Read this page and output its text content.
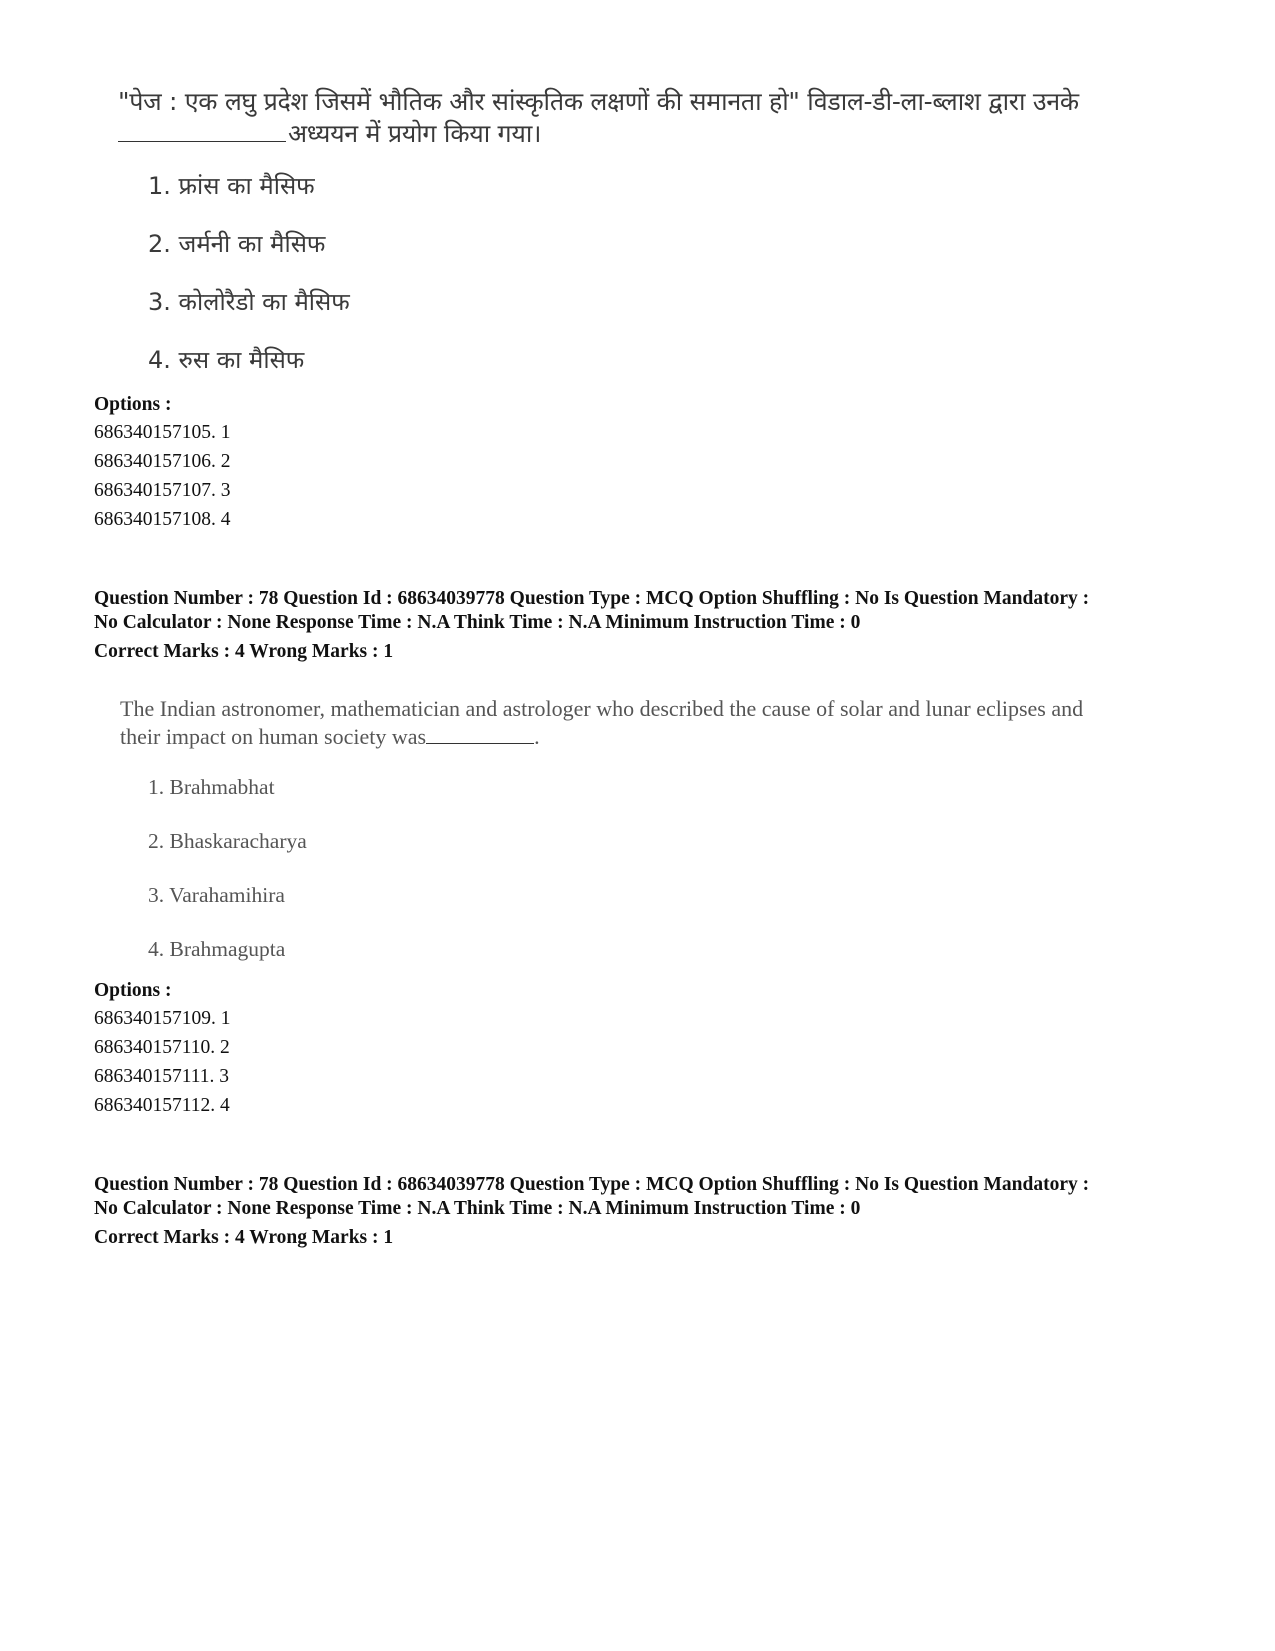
"पेज : एक लघु प्रदेश जिसमें भौतिक और सांस्कृतिक लक्षणों की समानता हो" विडाल-डी-ला-ब्लाश द्वारा उनके
अध्ययन में प्रयोग किया गया।
1. फ्रांस का मैसिफ
2. जर्मनी का मैसिफ
3. कोलोरैडो का मैसिफ
4. रुस का मैसिफ
Options :
686340157105. 1
686340157106. 2
686340157107. 3
686340157108. 4
Question Number : 78 Question Id : 68634039778 Question Type : MCQ Option Shuffling : No Is Question Mandatory :
No Calculator : None Response Time : N.A Think Time : N.A Minimum Instruction Time : 0
Correct Marks : 4 Wrong Marks : 1
The Indian astronomer, mathematician and astrologer who described the cause of solar and lunar eclipses and
their impact on human society was	.
1. Brahmabhat
2. Bhaskaracharya
3. Varahamihira
4. Brahmagupta
Options :
686340157109. 1
686340157110. 2
686340157111. 3
686340157112. 4
Question Number : 78 Question Id : 68634039778 Question Type : MCQ Option Shuffling : No Is Question Mandatory :
No Calculator : None Response Time : N.A Think Time : N.A Minimum Instruction Time : 0
Correct Marks : 4 Wrong Marks : 1
